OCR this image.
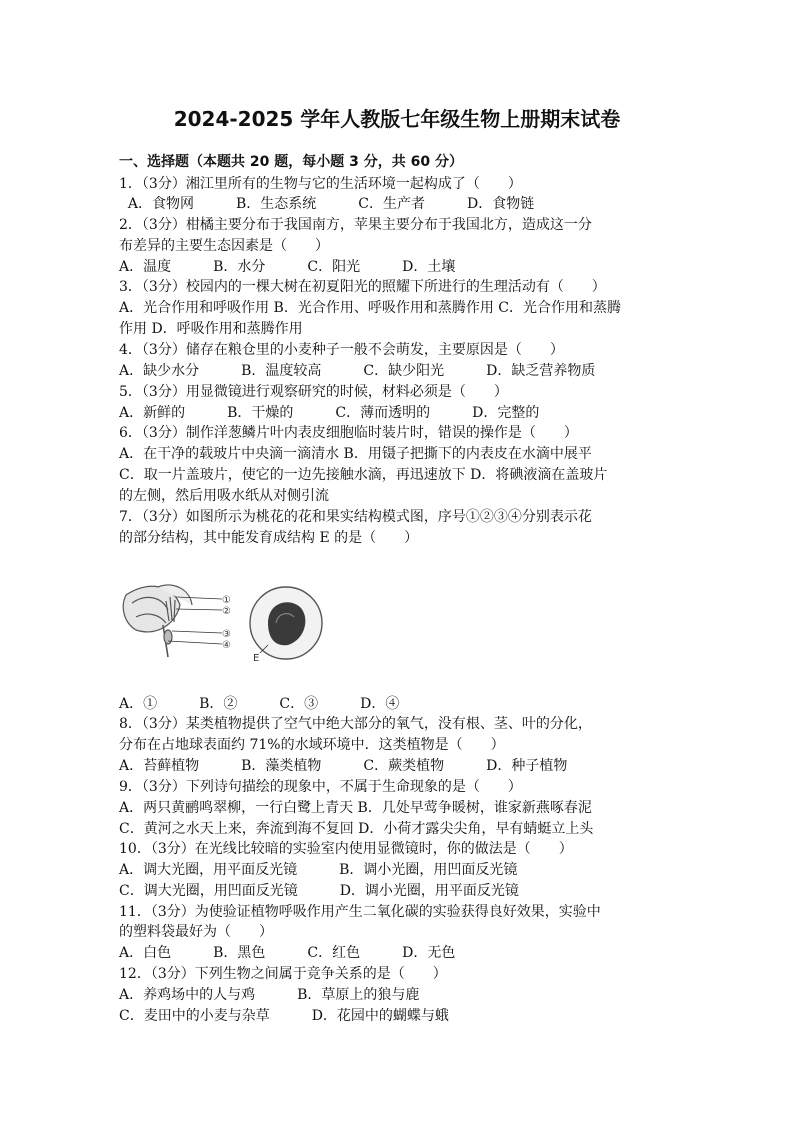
2024-2025 学年人教版七年级生物上册期末试卷
一、选择题（本题共 20 题，每小题 3 分，共 60 分）
1．（3分）湘江里所有的生物与它的生活环境一起构成了（　　）
A．食物网　　　B．生态系统　　　C．生产者　　　D．食物链
2．（3分）柑橘主要分布于我国南方，苹果主要分布于我国北方，造成这一分
布差异的主要生态因素是（　　）
A．温度　　　B．水分　　　C．阳光　　　D．土壤
3．（3分）校园内的一棵大树在初夏阳光的照耀下所进行的生理活动有（　　）
A．光合作用和呼吸作用 B．光合作用、呼吸作用和蒸腾作用 C．光合作用和蒸腾
作用 D．呼吸作用和蒸腾作用
4．（3分）储存在粮仓里的小麦种子一般不会萌发，主要原因是（　　）
A．缺少水分　　　B．温度较高　　　C．缺少阳光　　　D．缺乏营养物质
5．（3分）用显微镜进行观察研究的时候，材料必须是（　　）
A．新鲜的　　　B．干燥的　　　C．薄而透明的　　　D．完整的
6．（3分）制作洋葱鳞片叶内表皮细胞临时装片时，错误的操作是（　　）
A．在干净的载玻片中央滴一滴清水 B．用镊子把撕下的内表皮在水滴中展平
C．取一片盖玻片，使它的一边先接触水滴，再迅速放下 D．将碘液滴在盖玻片
的左侧，然后用吸水纸从对侧引流
7．（3分）如图所示为桃花的花和果实结构模式图，序号①②③④分别表示花
的部分结构，其中能发育成结构 E 的是（　　）
①
②
③
④
E
A．①　　　B．②　　　C．③　　　D．④
8．（3分）某类植物提供了空气中绝大部分的氧气，没有根、茎、叶的分化，
分布在占地球表面约 71%的水域环境中．这类植物是（　　）
A．苔藓植物　　　B．藻类植物　　　C．蕨类植物　　　D．种子植物
9．（3分）下列诗句描绘的现象中，不属于生命现象的是（　　）
A．两只黄鹂鸣翠柳，一行白鹭上青天 B．几处早莺争暖树，谁家新燕啄春泥
C．黄河之水天上来，奔流到海不复回 D．小荷才露尖尖角，早有蜻蜓立上头
10．（3分）在光线比较暗的实验室内使用显微镜时，你的做法是（　　）
A．调大光圈，用平面反光镜　　　B．调小光圈，用凹面反光镜
C．调大光圈，用凹面反光镜　　　D．调小光圈，用平面反光镜
11．（3分）为使验证植物呼吸作用产生二氧化碳的实验获得良好效果，实验中
的塑料袋最好为（　　）
A．白色　　　B．黑色　　　C．红色　　　D．无色
12．（3分）下列生物之间属于竞争关系的是（　　）
A．养鸡场中的人与鸡　　　B．草原上的狼与鹿
C．麦田中的小麦与杂草　　　D．花园中的蝴蝶与蛾
